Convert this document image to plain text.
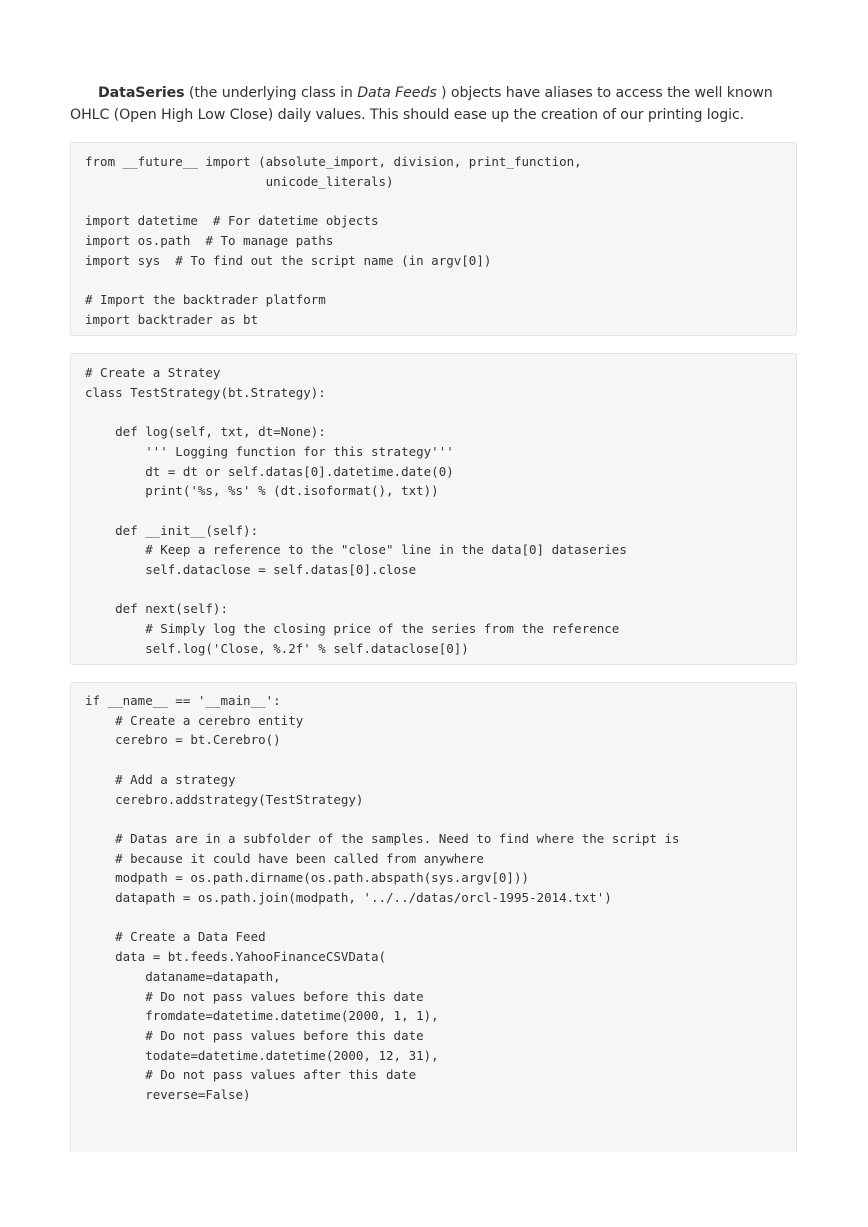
DataSeries (the underlying class in Data Feeds ) objects have aliases to access the well known OHLC (Open High Low Close) daily values. This should ease up the creation of our printing logic.

from __future__ import (absolute_import, division, print_function,
unicode_literals)

import datetime  # For datetime objects
import os.path  # To manage paths
import sys  # To find out the script name (in argv[0])

# Import the backtrader platform
import backtrader as bt
# Create a Stratey
class TestStrategy(bt.Strategy):

def log(self, txt, dt=None):
''' Logging function for this strategy'''
dt = dt or self.datas[0].datetime.date(0)
print('%s, %s' % (dt.isoformat(), txt))

def __init__(self):
# Keep a reference to the "close" line in the data[0] dataseries
self.dataclose = self.datas[0].close

def next(self):
# Simply log the closing price of the series from the reference
self.log('Close, %.2f' % self.dataclose[0])
if __name__ == '__main__':
# Create a cerebro entity
cerebro = bt.Cerebro()

# Add a strategy
cerebro.addstrategy(TestStrategy)

# Datas are in a subfolder of the samples. Need to find where the script is
# because it could have been called from anywhere
modpath = os.path.dirname(os.path.abspath(sys.argv[0]))
datapath = os.path.join(modpath, '../../datas/orcl-1995-2014.txt')

# Create a Data Feed
data = bt.feeds.YahooFinanceCSVData(
dataname=datapath,
# Do not pass values before this date
fromdate=datetime.datetime(2000, 1, 1),
# Do not pass values before this date
todate=datetime.datetime(2000, 12, 31),
# Do not pass values after this date
reverse=False)
